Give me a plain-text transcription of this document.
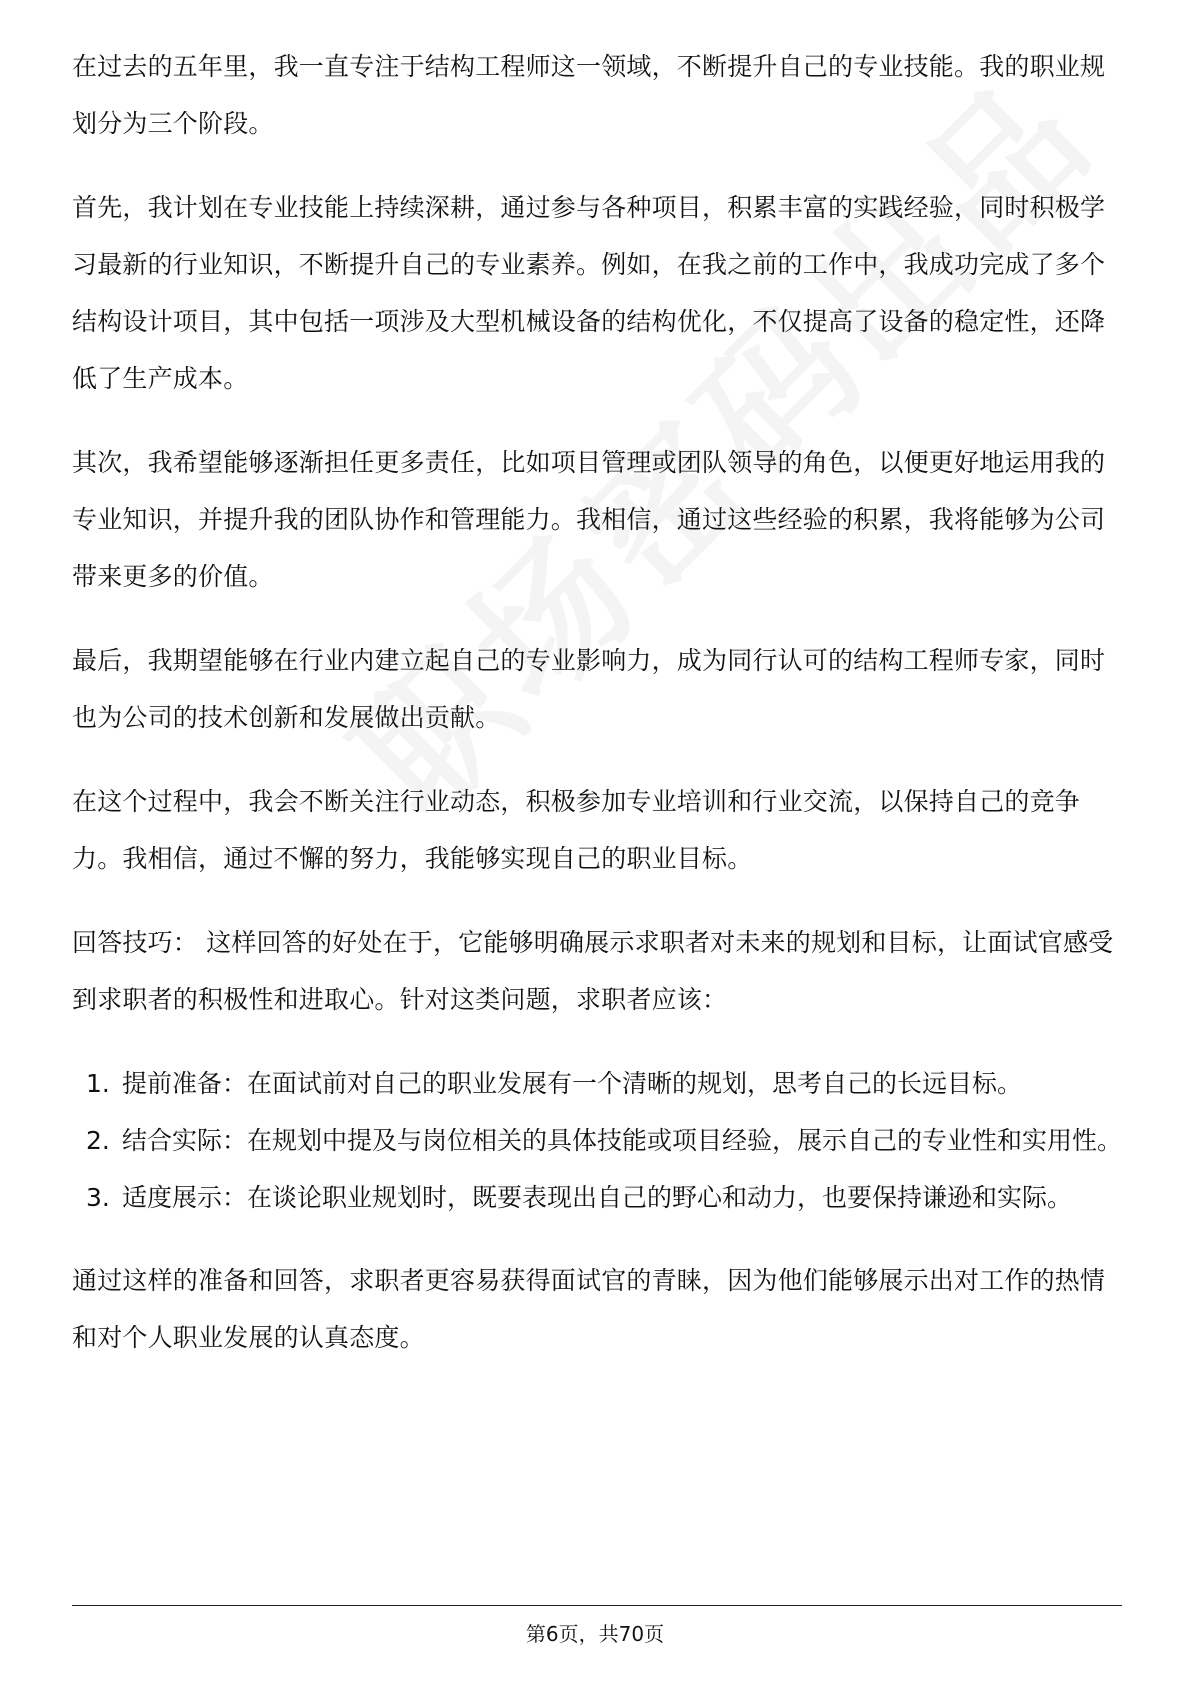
在过去的五年里，我一直专注于结构工程师这一领域，不断提升自己的专业技能。我的职业规划分为三个阶段。

首先，我计划在专业技能上持续深耕，通过参与各种项目，积累丰富的实践经验，同时积极学习最新的行业知识，不断提升自己的专业素养。例如，在我之前的工作中，我成功完成了多个结构设计项目，其中包括一项涉及大型机械设备的结构优化，不仅提高了设备的稳定性，还降低了生产成本。

其次，我希望能够逐渐担任更多责任，比如项目管理或团队领导的角色，以便更好地运用我的专业知识，并提升我的团队协作和管理能力。我相信，通过这些经验的积累，我将能够为公司带来更多的价值。

最后，我期望能够在行业内建立起自己的专业影响力，成为同行认可的结构工程师专家，同时也为公司的技术创新和发展做出贡献。

在这个过程中，我会不断关注行业动态，积极参加专业培训和行业交流，以保持自己的竞争力。我相信，通过不懈的努力，我能够实现自己的职业目标。

回答技巧： 这样回答的好处在于，它能够明确展示求职者对未来的规划和目标，让面试官感受到求职者的积极性和进取心。针对这类问题，求职者应该：

1. 提前准备：在面试前对自己的职业发展有一个清晰的规划，思考自己的长远目标。
2. 结合实际：在规划中提及与岗位相关的具体技能或项目经验，展示自己的专业性和实用性。
3. 适度展示：在谈论职业规划时，既要表现出自己的野心和动力，也要保持谦逊和实际。

通过这样的准备和回答，求职者更容易获得面试官的青睐，因为他们能够展示出对工作的热情和对个人职业发展的认真态度。

第6页，共70页
